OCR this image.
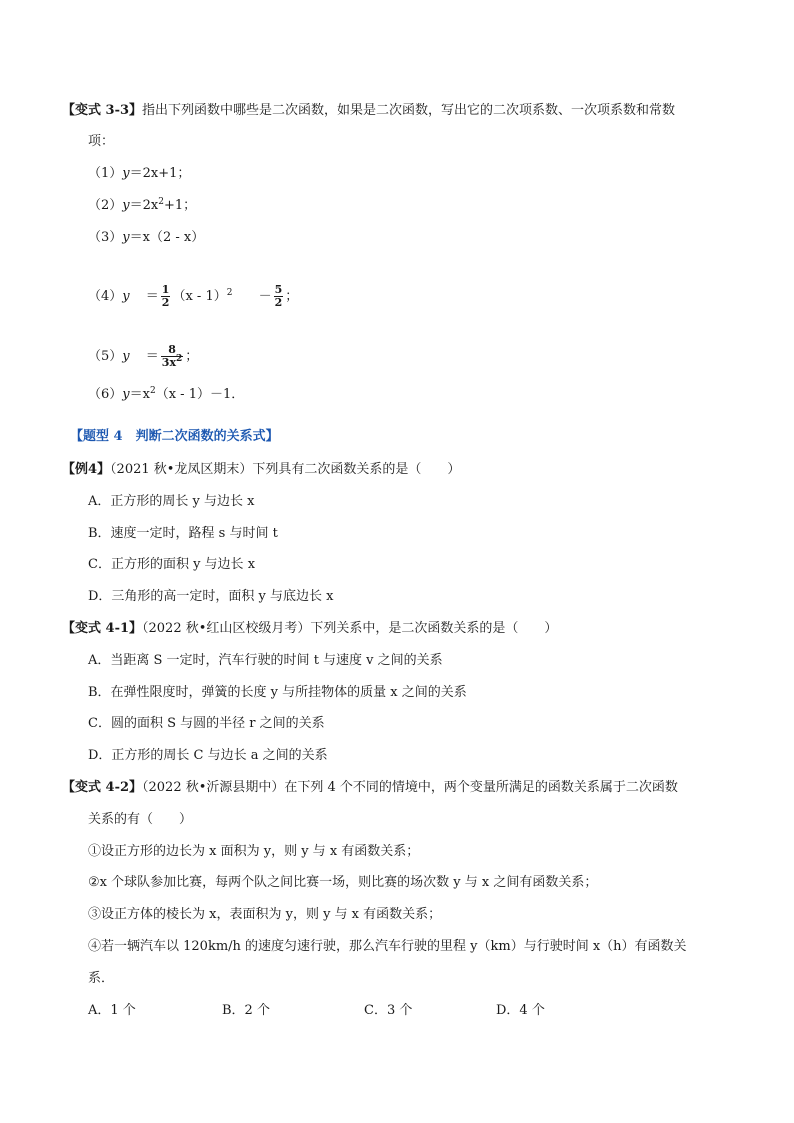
【变式 3-3】指出下列函数中哪些是二次函数，如果是二次函数，写出它的二次项系数、一次项系数和常数
项：
（1）y＝2x+1；
$(2)y=2x^2+1$；
（3）y＝x（2 - x）
$(4)y = \frac{1}{2} (x - 1)^2 - \frac{5}{2}$ ；
$(5)y = \frac{8}{3x^2}$ ；
$(6)y=x^2(x - 1)-1$．
【题型 4　判断二次函数的关系式】
【例4】（2021 秋•龙凤区期末）下列具有二次函数关系的是（　　）
A．正方形的周长 y 与边长 x
B．速度一定时，路程 s 与时间 t
C．正方形的面积 y 与边长 x
D．三角形的高一定时，面积 y 与底边长 x
【变式 4-1】（2022 秋•红山区校级月考）下列关系中，是二次函数关系的是（　　）
A．当距离 S 一定时，汽车行驶的时间 t 与速度 v 之间的关系
B．在弹性限度时，弹簧的长度 y 与所挂物体的质量 x 之间的关系
C．圆的面积 S 与圆的半径 r 之间的关系
D．正方形的周长 C 与边长 a 之间的关系
【变式 4-2】（2022 秋•沂源县期中）在下列 4 个不同的情境中，两个变量所满足的函数关系属于二次函数
关系的有（　　）
①设正方形的边长为 x 面积为 y，则 y 与 x 有函数关系；
②x 个球队参加比赛，每两个队之间比赛一场，则比赛的场次数 y 与 x 之间有函数关系；
③设正方体的棱长为 x，表面积为 y，则 y 与 x 有函数关系；
④若一辆汽车以 120km/h 的速度匀速行驶，那么汽车行驶的里程 y（km）与行驶时间 x（h）有函数关
系．
A．1 个	B．2 个	C．3 个	D．4 个
